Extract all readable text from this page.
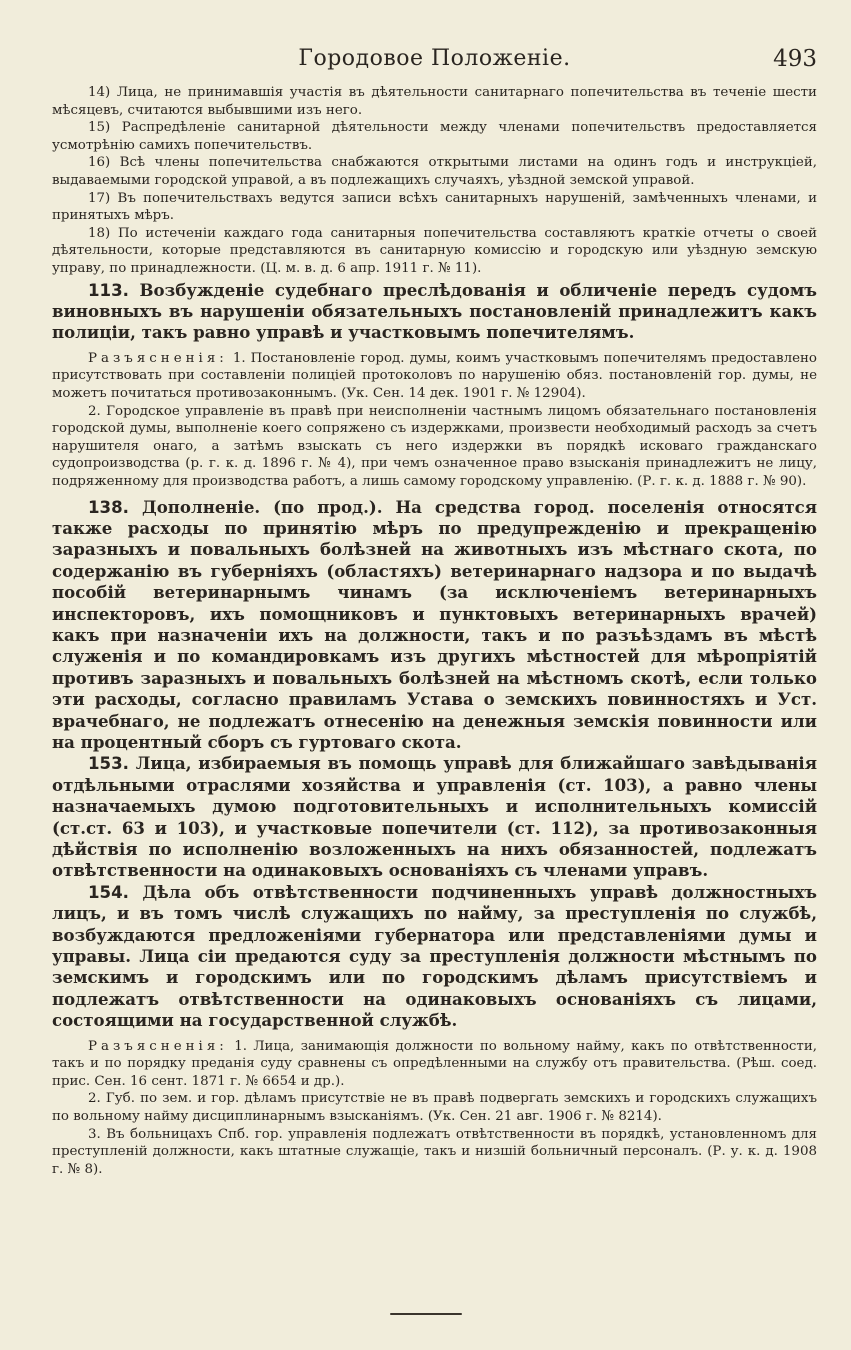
Городовое Положеніе.	493

14) Лица, не принимавшія участія въ дѣятельности санитарнаго попечительства въ теченіе шести мѣсяцевъ, считаются выбывшими изъ него.

15) Распредѣленіе санитарной дѣятельности между членами попечительствъ предоставляется усмотрѣнію самихъ попечительствъ.

16) Всѣ члены попечительства снабжаются открытыми листами на одинъ годъ и инструкціей, выдаваемыми городской управой, а въ подлежащихъ случаяхъ, уѣздной земской управой.

17) Въ попечительствахъ ведутся записи всѣхъ санитарныхъ нарушеній, замѣченныхъ членами, и принятыхъ мѣръ.

18) По истеченіи каждаго года санитарныя попечительства составляютъ краткіе отчеты о своей дѣятельности, которые представляются въ санитарную комиссію и городскую или уѣздную земскую управу, по принадлежности. (Ц. м. в. д. 6 апр. 1911 г. № 11).

113. Возбужденіе судебнаго преслѣдованія и обличеніе передъ судомъ виновныхъ въ нарушеніи обязательныхъ постановленій принадлежитъ какъ полиціи, такъ равно управѣ и участковымъ попечителямъ.

Разъясненія: 1. Постановленіе город. думы, коимъ участковымъ попечителямъ предоставлено присутствовать при составленіи полиціей протоколовъ по нарушенію обяз. постановленій гор. думы, не можетъ почитаться противозаконнымъ. (Ук. Сен. 14 дек. 1901 г. № 12904).

2. Городское управленіе въ правѣ при неисполненіи частнымъ лицомъ обязательнаго постановленія городской думы, выполненіе коего сопряжено съ издержками, произвести необходимый расходъ за счетъ нарушителя онаго, а затѣмъ взыскать съ него издержки въ порядкѣ исковаго гражданскаго судопроизводства (р. г. к. д. 1896 г. № 4), при чемъ означенное право взысканія принадлежитъ не лицу, подряженному для производства работъ, а лишь самому городскому управленію. (Р. г. к. д. 1888 г. № 90).

138. Дополненіе. (по прод.). На средства город. поселенія относятся также расходы по принятію мѣръ по предупрежденію и прекращенію заразныхъ и повальныхъ болѣзней на животныхъ изъ мѣстнаго скота, по содержанію въ губерніяхъ (областяхъ) ветеринарнаго надзора и по выдачѣ пособій ветеринарнымъ чинамъ (за исключеніемъ ветеринарныхъ инспекторовъ, ихъ помощниковъ и пунктовыхъ ветеринарныхъ врачей) какъ при назначеніи ихъ на должности, такъ и по разъѣздамъ въ мѣстѣ служенія и по командировкамъ изъ другихъ мѣстностей для мѣропріятій противъ заразныхъ и повальныхъ болѣзней на мѣстномъ скотѣ, если только эти расходы, согласно правиламъ Устава о земскихъ повинностяхъ и Уст. врачебнаго, не подлежатъ отнесенію на денежныя земскія повинности или на процентный сборъ съ гуртоваго скота.

153. Лица, избираемыя въ помощь управѣ для ближайшаго завѣдыванія отдѣльными отраслями хозяйства и управленія (ст. 103), а равно члены назначаемыхъ думою подготовительныхъ и исполнительныхъ комиссій (ст.ст. 63 и 103), и участковые попечители (ст. 112), за противозаконныя дѣйствія по исполненію возложенныхъ на нихъ обязанностей, подлежатъ отвѣтственности на одинаковыхъ основаніяхъ съ членами управъ.

154. Дѣла объ отвѣтственности подчиненныхъ управѣ должностныхъ лицъ, и въ томъ числѣ служащихъ по найму, за преступленія по службѣ, возбуждаются предложеніями губернатора или представленіями думы и управы. Лица сіи предаются суду за преступленія должности мѣстнымъ по земскимъ и городскимъ или по городскимъ дѣламъ присутствіемъ и подлежатъ отвѣтственности на одинаковыхъ основаніяхъ съ лицами, состоящими на государственной службѣ.

Разъясненія: 1. Лица, занимающія должности по вольному найму, какъ по отвѣтственности, такъ и по порядку преданія суду сравнены съ опредѣленными на службу отъ правительства. (Рѣш. соед. прис. Сен. 16 сент. 1871 г. № 6654 и др.).

2. Губ. по зем. и гор. дѣламъ присутствіе не въ правѣ подвергать земскихъ и городскихъ служащихъ по вольному найму дисциплинарнымъ взысканіямъ. (Ук. Сен. 21 авг. 1906 г. № 8214).

3. Въ больницахъ Спб. гор. управленія подлежатъ отвѣтственности въ порядкѣ, установленномъ для преступленій должности, какъ штатные служащіе, такъ и низшій больничный персоналъ. (Р. у. к. д. 1908 г. № 8).
